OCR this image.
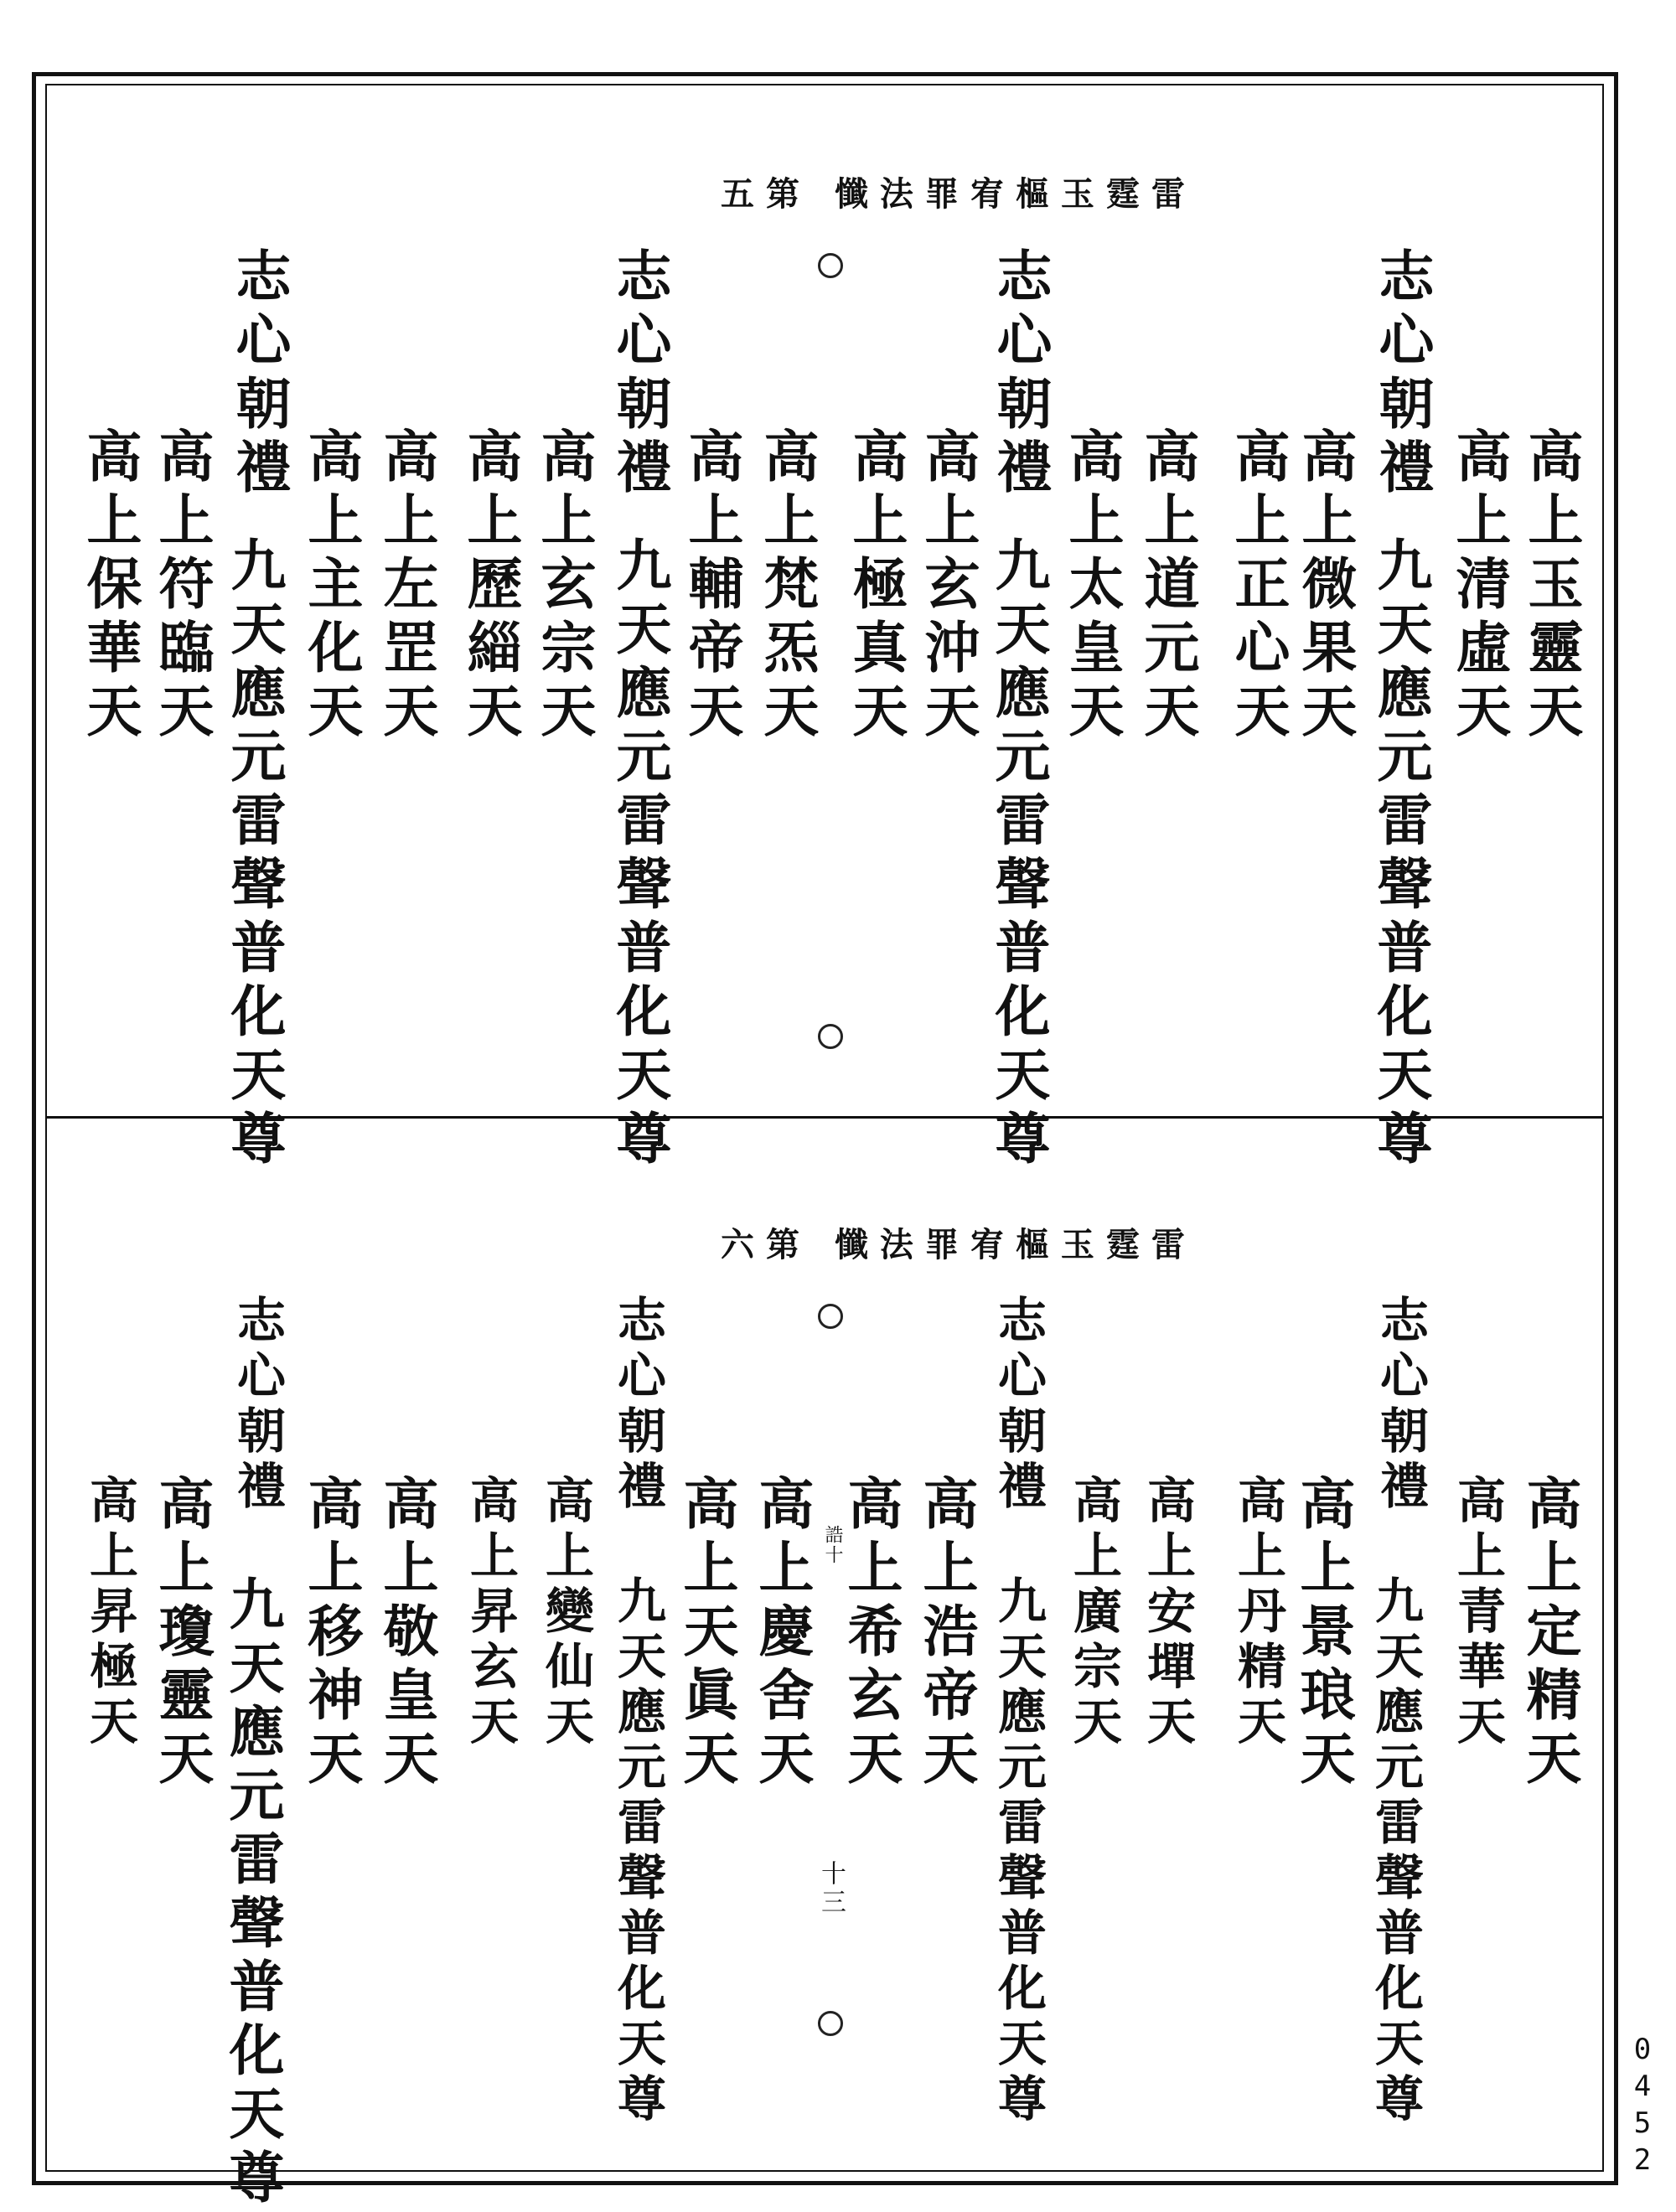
雷霆玉樞宥罪法懺 第五
高上玉靈天
高上清虛天
志心朝禮
高上微果天 九天應元雷聲普化天尊
高上正心天
高上道元天
高上太皇天
志心朝禮
高上玄沖天 九天應元雷聲普化天尊
高上極真天
高上梵炁天
高上輔帝天
志心朝禮
九天應元雷聲普化天尊
高上玄宗天
高上歷緇天
高上左罡天
高上主化天
志心朝禮
九天應元雷聲普化天尊
高上符臨天
高上保華天
雷霆玉樞宥罪法懺 第六
高上定精天
高上青華天
志心朝禮
高上景琅天 九天應元雷聲普化天尊
高上丹精天
高上安墠天
高上廣宗天
志心朝禮
高上浩帝天 九天應元雷聲普化天尊
高上希玄天
高上慶舍天
高上天眞天
志心朝禮
九天應元雷聲普化天尊
高上變仙天
高上昇玄天
高上敬皇天
高上移神天
志心朝禮
九天應元雷聲普化天尊
高上瓊靈天
高上昇極天	誥十
十三
0452
